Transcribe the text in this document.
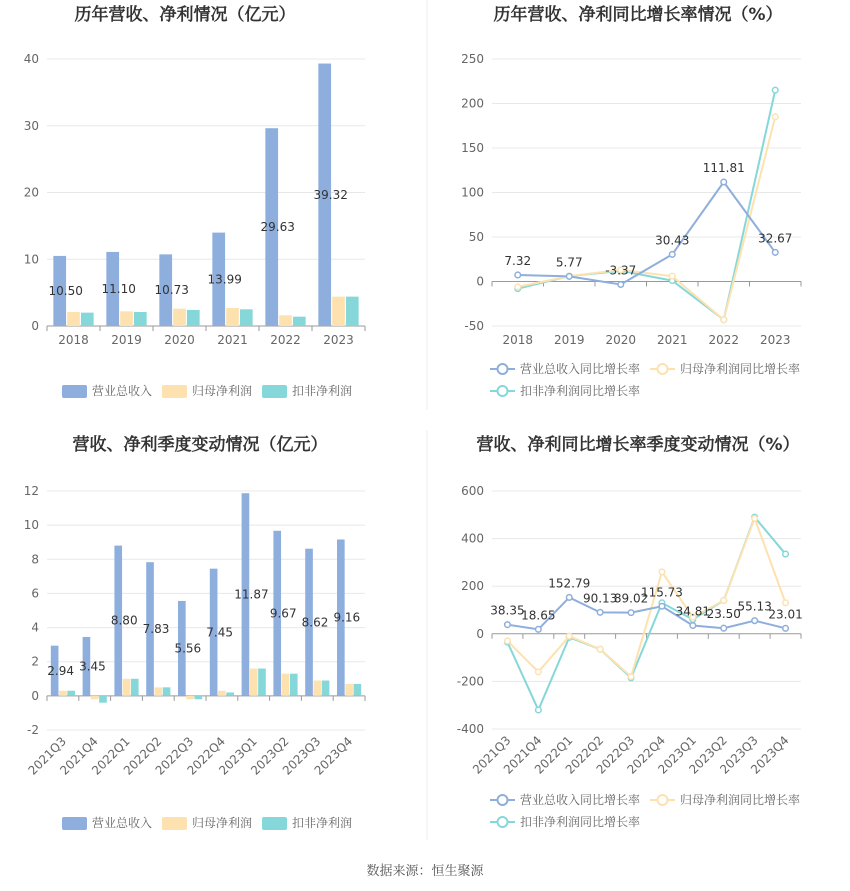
历年营收、净利情况（亿元）
0
10
20
30
40
2018 2019 2020 2021 2022 2023
10.50 11.10 10.73
13.99
29.63
39.32
营业总收入	归母净利润	扣非净利润
历年营收、净利同比增长率情况（%）
-50
0
50
100
150
200
250
2018 2019 2020 2021 2022 2023
7.32 5.77
-3.37
30.43
111.81
32.67
营业总收入同比增长率	归母净利润同比增长率
扣非净利润同比增长率
营收、净利季度变动情况（亿元）
-2
0
2
4
6
8
10
12
2021Q3
2021Q4
2022Q1
2022Q2
2022Q3
2022Q4
2023Q1
2023Q2
2023Q3
2023Q4
2.94 3.45
8.80
7.83
5.56
7.45
11.87
9.67
8.62 9.16
营业总收入	归母净利润	扣非净利润
营收、净利同比增长率季度变动情况（%）
-400
-200
0
200
400
600
2021Q3
2021Q4
2022Q1
2022Q2
2022Q3
2022Q4
2023Q1
2023Q2
2023Q3
2023Q4
38.35
18.65
152.79
90.13
89.02
115.73
34.81
23.50
55.13
23.01
营业总收入同比增长率	归母净利润同比增长率
扣非净利润同比增长率
数据来源：恒生聚源
